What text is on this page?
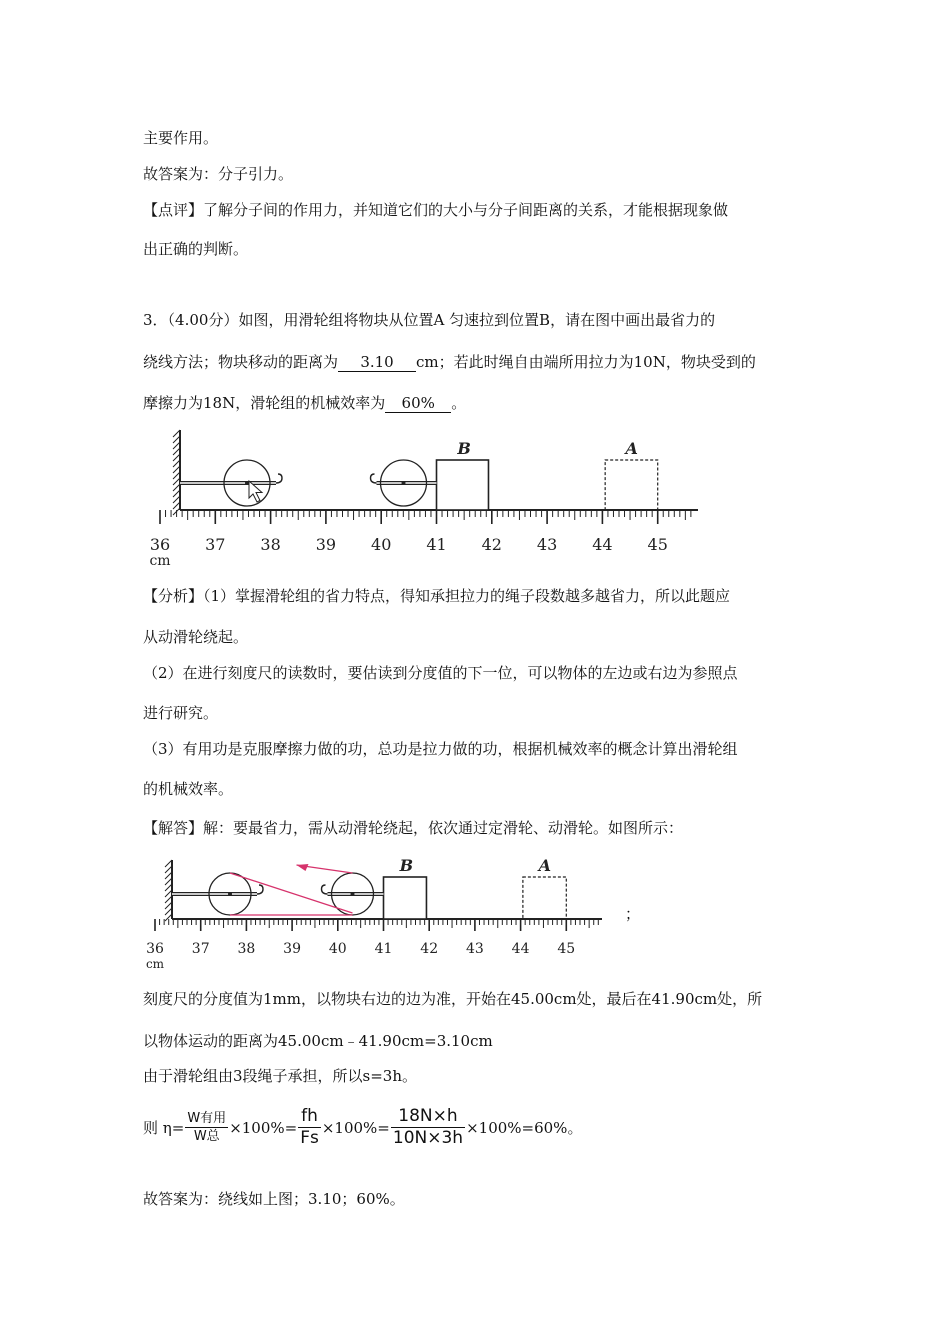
主要作用。
故答案为：分子引力。
【点评】了解分子间的作用力，并知道它们的大小与分子间距离的关系，才能根据现象做
出正确的判断。
3．（4.00分）如图，用滑轮组将物块从位置A 匀速拉到位置B，请在图中画出最省力的
绕线方法；物块移动的距离为 3.10 cm；若此时绳自由端所用拉力为10N，物块受到的
摩擦力为18N，滑轮组的机械效率为 60% 。
36 37 38 39 40 41 42 43 44 45
cm
B	A
【分析】（1）掌握滑轮组的省力特点，得知承担拉力的绳子段数越多越省力，所以此题应
从动滑轮绕起。
（2）在进行刻度尺的读数时，要估读到分度值的下一位，可以物体的左边或右边为参照点
进行研究。
（3）有用功是克服摩擦力做的功，总功是拉力做的功，根据机械效率的概念计算出滑轮组
的机械效率。
【解答】解：要最省力，需从动滑轮绕起，依次通过定滑轮、动滑轮。如图所示：
36 37 38 39 40 41 42 43 44 45
cm
B	A
；
刻度尺的分度值为1mm，以物块右边的边为准，开始在45.00cm处，最后在41.90cm处，所
以物体运动的距离为45.00cm﹣41.90cm=3.10cm
由于滑轮组由3段绳子承担，所以s=3h。
则 $\eta= \frac{\text{W有用}}{\text{W总}} \times 100\%= \frac{fh}{Fs} \times 100\%= \frac{18N\times h}{10N\times 3h} \times 100\%=60\%$。
故答案为：绕线如上图；3.10；60%。
